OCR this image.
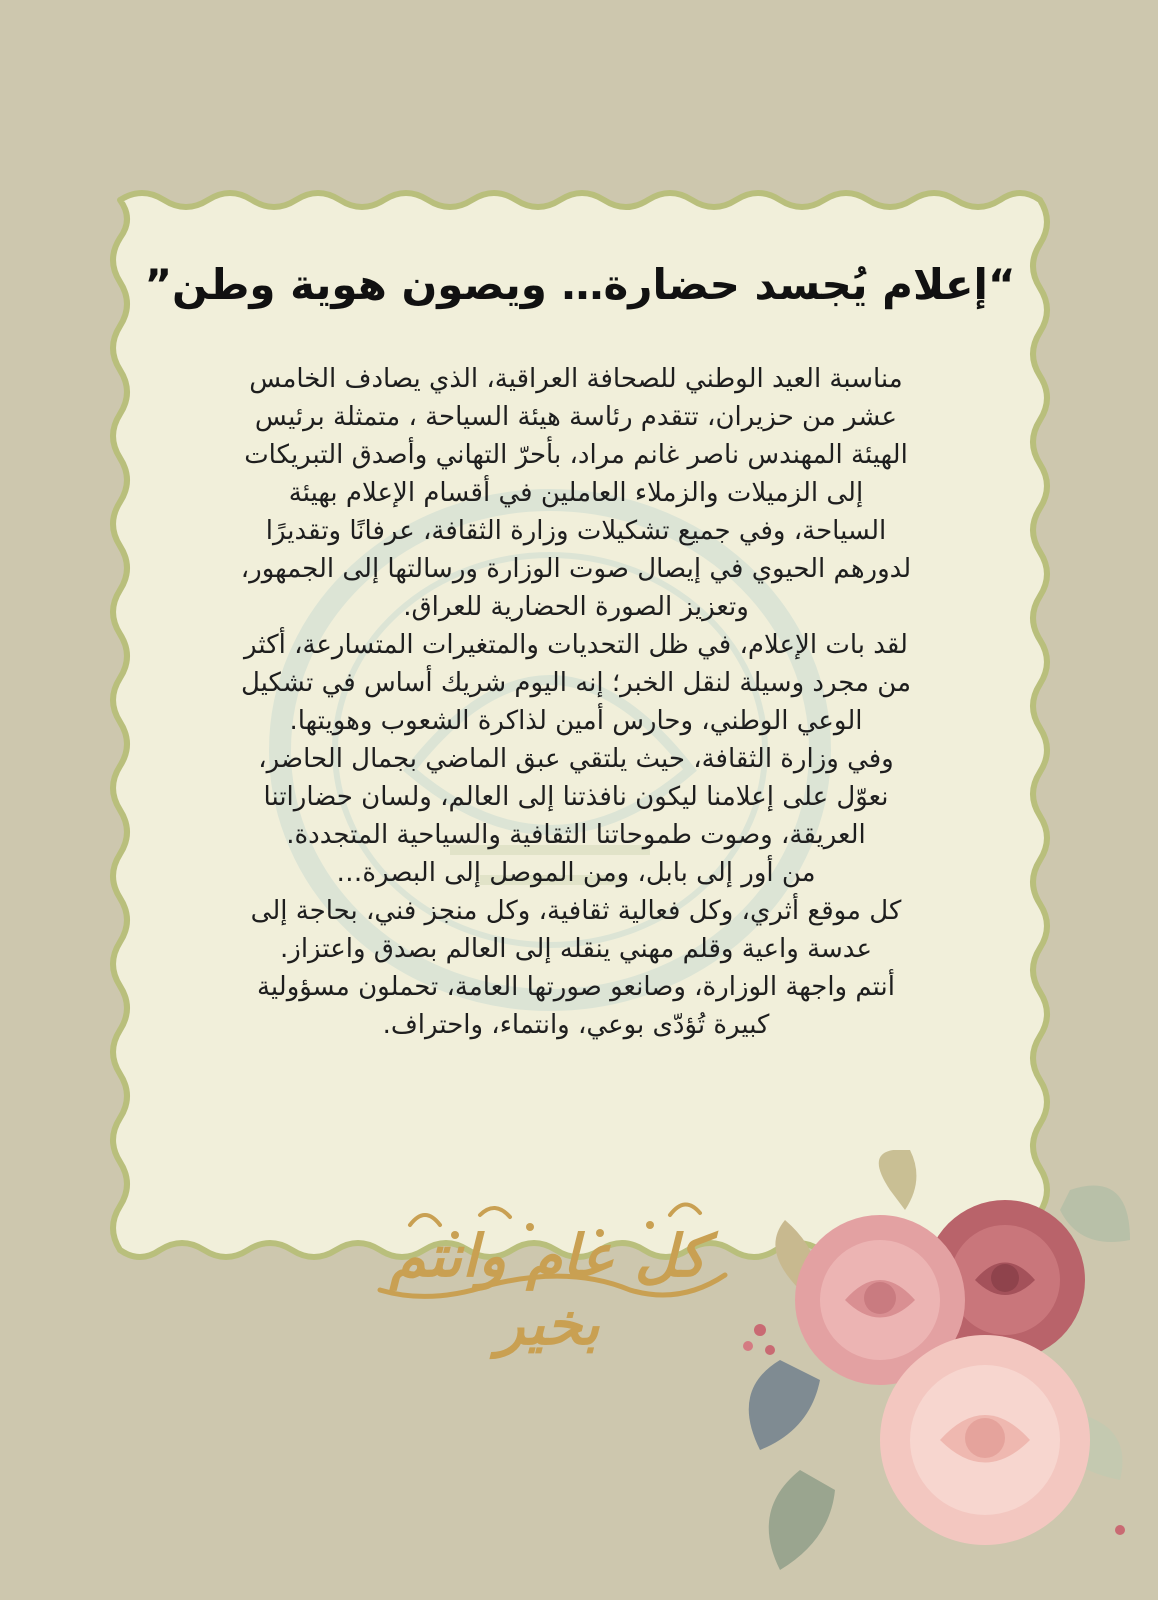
“إعلام يُجسد حضارة… ويصون هوية وطن”

مناسبة العيد الوطني للصحافة العراقية، الذي يصادف الخامس

عشر من حزيران، تتقدم رئاسة هيئة السياحة ، متمثلة برئيس

الهيئة المهندس ناصر غانم مراد، بأحرّ التهاني وأصدق التبريكات

إلى الزميلات والزملاء العاملين في أقسام الإعلام بهيئة

السياحة، وفي جميع تشكيلات وزارة الثقافة، عرفانًا وتقديرًا

لدورهم الحيوي في إيصال صوت الوزارة ورسالتها إلى الجمهور،

وتعزيز الصورة الحضارية للعراق.

لقد بات الإعلام، في ظل التحديات والمتغيرات المتسارعة، أكثر

من مجرد وسيلة لنقل الخبر؛ إنه اليوم شريك أساس في تشكيل

الوعي الوطني، وحارس أمين لذاكرة الشعوب وهويتها.

وفي وزارة الثقافة، حيث يلتقي عبق الماضي بجمال الحاضر،

نعوّل على إعلامنا ليكون نافذتنا إلى العالم، ولسان حضاراتنا

العريقة، وصوت طموحاتنا الثقافية والسياحية المتجددة.

من أور إلى بابل، ومن الموصل إلى البصرة…

كل موقع أثري، وكل فعالية ثقافية، وكل منجز فني، بحاجة إلى

عدسة واعية وقلم مهني ينقله إلى العالم بصدق واعتزاز.

أنتم واجهة الوزارة، وصانعو صورتها العامة، تحملون مسؤولية

كبيرة تُؤدّى بوعي، وانتماء، واحتراف.

كل عام وانتم بخير
